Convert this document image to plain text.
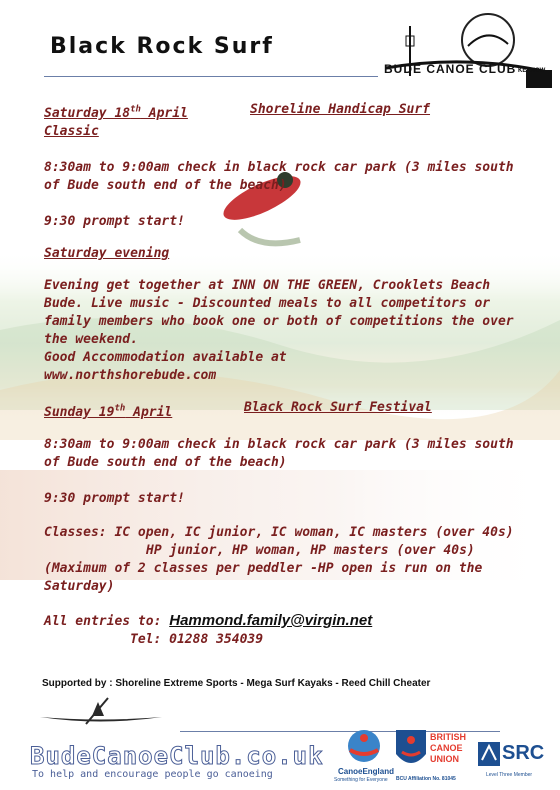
Black Rock Surf
BUDE CANOE CLUB KERNOW
Saturday 18th April	Shoreline Handicap Surf

Classic

8:30am to 9:00am check in black rock car park (3 miles south of Bude south end of the beach)

9:30 prompt start!

Saturday evening

Evening get together at INN ON THE GREEN, Crooklets Beach Bude. Live music - Discounted meals to all competitors or family members who book one or both of competitions the over the weekend.

Good Accommodation available at

www.northshorebude.com

Sunday 19th April	Black Rock Surf Festival

8:30am to 9:00am check in black rock car park (3 miles south of Bude south end of the beach)

9:30 prompt start!

Classes: IC open, IC junior, IC woman, IC masters (over 40s)

HP junior, HP woman, HP masters (over 40s)

(Maximum of 2 classes per peddler -HP open is run on the Saturday)

All entries to: Hammond.family@virgin.net

Tel: 01288 354039

Supported by : Shoreline Extreme Sports - Mega Surf Kayaks - Reed Chill Cheater
BudeCanoeClub.co.uk
To help and encourage people go canoeing	CanoeEngland
Something for Everyone
BRITISH
CANOE
UNION
BCU Affiliation No. 81045
SRC
Level Three Member
